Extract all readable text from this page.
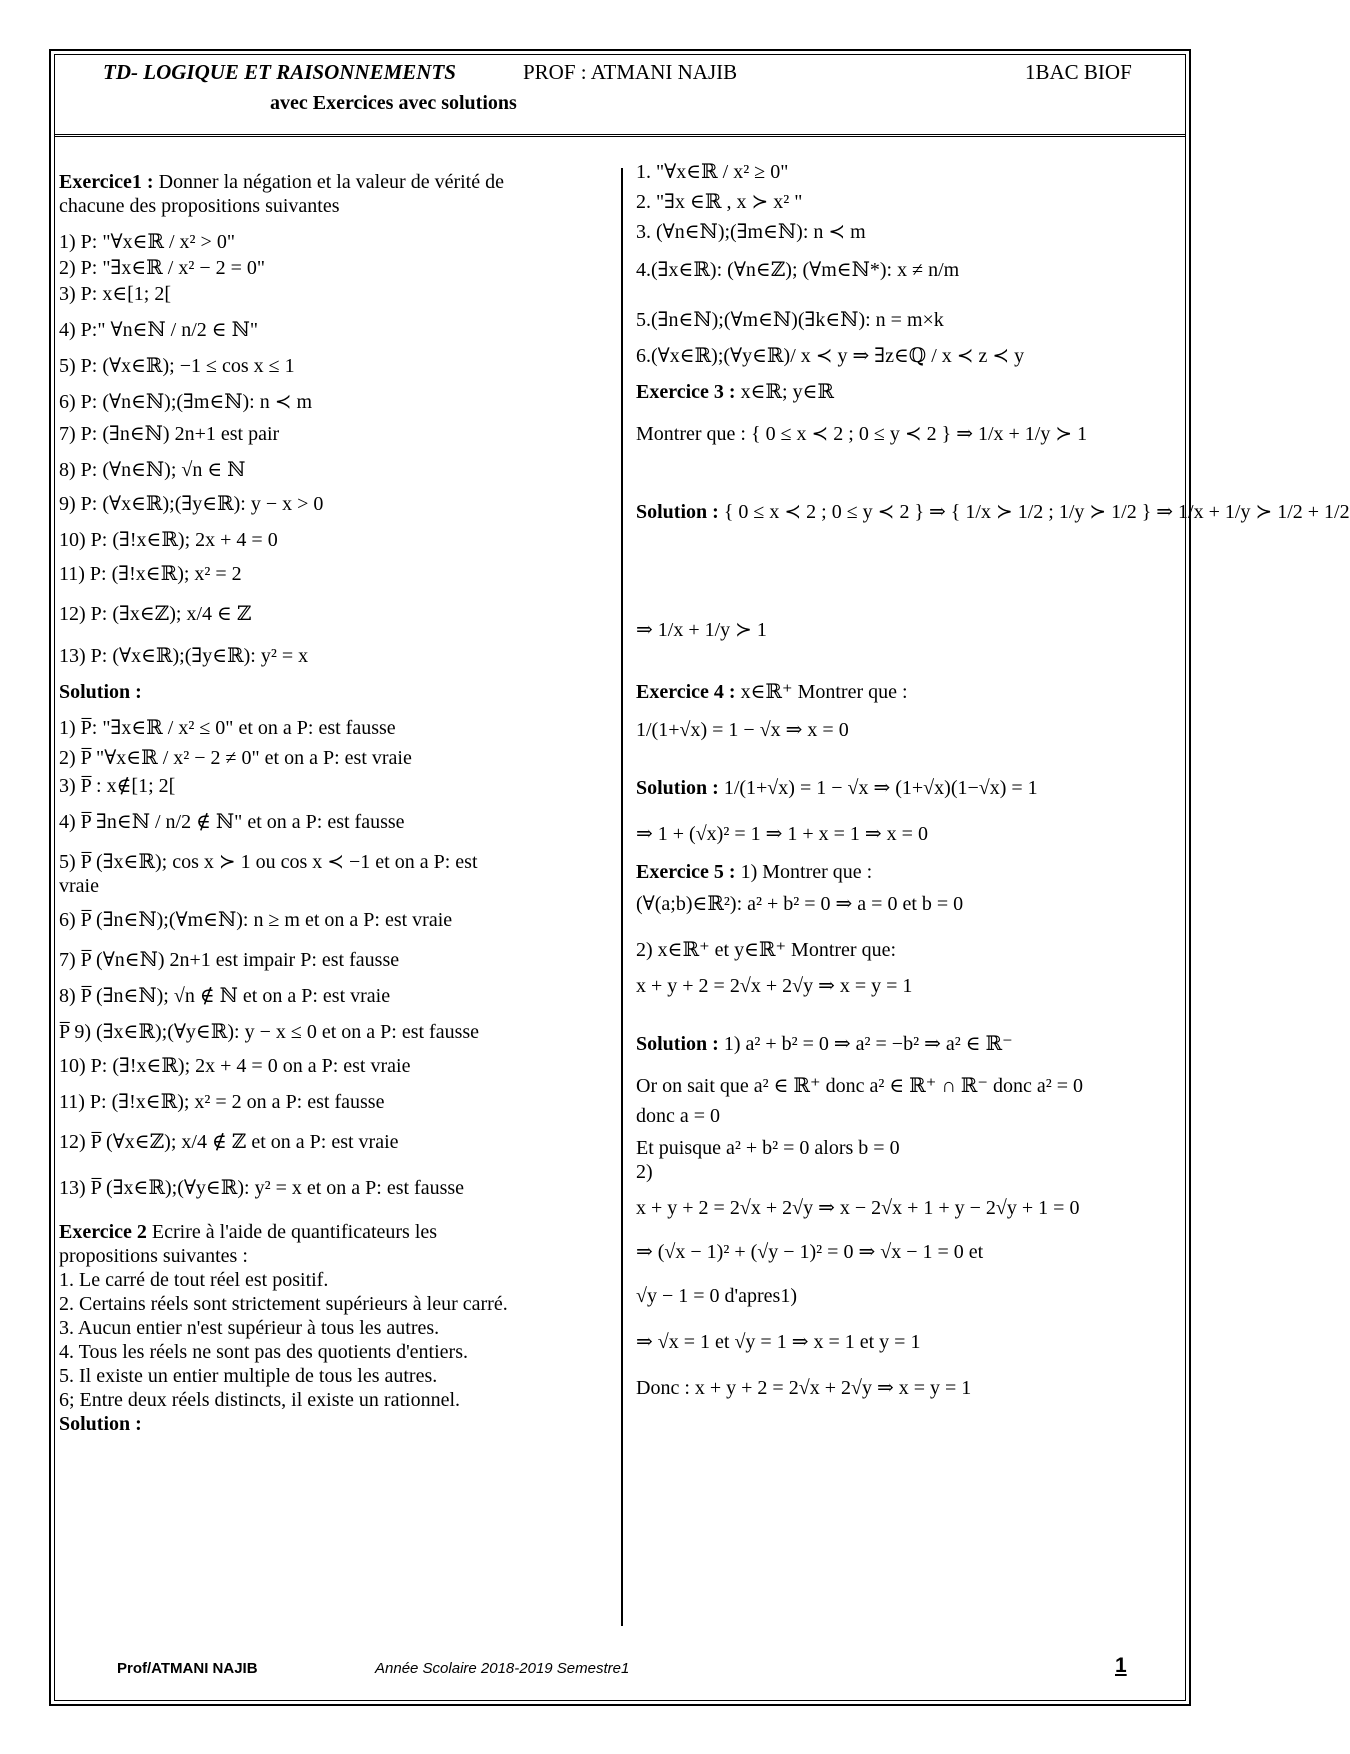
TD- LOGIQUE ET RAISONNEMENTS	PROF : ATMANI NAJIB	1BAC BIOF
avec Exercices avec solutions
Exercice1 : Donner la négation et la valeur de vérité de
chacune des propositions suivantes
1) P: "∀x∈ℝ / x² > 0"
2) P: "∃x∈ℝ / x² − 2 = 0"
3) P: x∈[1; 2[
4) P:" ∀n∈ℕ / n/2 ∈ ℕ"
5) P: (∀x∈ℝ); −1 ≤ cos x ≤ 1
6) P: (∀n∈ℕ);(∃m∈ℕ): n ≺ m
7) P: (∃n∈ℕ) 2n+1 est pair
8) P: (∀n∈ℕ); √n ∈ ℕ
9) P: (∀x∈ℝ);(∃y∈ℝ): y − x > 0
10) P: (∃!x∈ℝ); 2x + 4 = 0
11) P: (∃!x∈ℝ); x² = 2
12) P: (∃x∈ℤ); x/4 ∈ ℤ
13) P: (∀x∈ℝ);(∃y∈ℝ): y² = x
Solution :
1) P̅: "∃x∈ℝ / x² ≤ 0" et on a P: est fausse
2) P̅ "∀x∈ℝ / x² − 2 ≠ 0" et on a P: est vraie
3) P̅ : x∉[1; 2[
4) P̅ ∃n∈ℕ / n/2 ∉ ℕ" et on a P: est fausse
5) P̅ (∃x∈ℝ); cos x ≻ 1 ou cos x ≺ −1 et on a P: est
vraie
6) P̅ (∃n∈ℕ);(∀m∈ℕ): n ≥ m et on a P: est vraie
7) P̅ (∀n∈ℕ) 2n+1 est impair P: est fausse
8) P̅ (∃n∈ℕ); √n ∉ ℕ et on a P: est vraie
P̅ 9) (∃x∈ℝ);(∀y∈ℝ): y − x ≤ 0 et on a P: est fausse
10) P: (∃!x∈ℝ); 2x + 4 = 0 on a P: est vraie
11) P: (∃!x∈ℝ); x² = 2 on a P: est fausse
12) P̅ (∀x∈ℤ); x/4 ∉ ℤ et on a P: est vraie
13) P̅ (∃x∈ℝ);(∀y∈ℝ): y² = x et on a P: est fausse
Exercice 2 Ecrire à l'aide de quantificateurs les
propositions suivantes :
1. Le carré de tout réel est positif.
2. Certains réels sont strictement supérieurs à leur carré.
3. Aucun entier n'est supérieur à tous les autres.
4. Tous les réels ne sont pas des quotients d'entiers.
5. Il existe un entier multiple de tous les autres.
6; Entre deux réels distincts, il existe un rationnel.
Solution :
1. "∀x∈ℝ / x² ≥ 0"
2. "∃x ∈ℝ , x ≻ x² "
3. (∀n∈ℕ);(∃m∈ℕ): n ≺ m
4.(∃x∈ℝ): (∀n∈ℤ); (∀m∈ℕ*): x ≠ n/m
5.(∃n∈ℕ);(∀m∈ℕ)(∃k∈ℕ): n = m×k
6.(∀x∈ℝ);(∀y∈ℝ)/ x ≺ y ⇒ ∃z∈ℚ / x ≺ z ≺ y
Exercice 3 : x∈ℝ; y∈ℝ
Montrer que : { 0 ≤ x ≺ 2 ; 0 ≤ y ≺ 2 } ⇒ 1/x + 1/y ≻ 1
Solution : { 0 ≤ x ≺ 2 ; 0 ≤ y ≺ 2 } ⇒ { 1/x ≻ 1/2 ; 1/y ≻ 1/2 } ⇒ 1/x + 1/y ≻ 1/2 + 1/2
⇒ 1/x + 1/y ≻ 1
Exercice 4 : x∈ℝ⁺ Montrer que :
1/(1+√x) = 1 − √x ⇒ x = 0
Solution : 1/(1+√x) = 1 − √x ⇒ (1+√x)(1−√x) = 1
⇒ 1 + (√x)² = 1 ⇒ 1 + x = 1 ⇒ x = 0
Exercice 5 : 1) Montrer que :
(∀(a;b)∈ℝ²): a² + b² = 0 ⇒ a = 0 et b = 0
2) x∈ℝ⁺ et y∈ℝ⁺ Montrer que:
x + y + 2 = 2√x + 2√y ⇒ x = y = 1
Solution : 1) a² + b² = 0 ⇒ a² = −b² ⇒ a² ∈ ℝ⁻
Or on sait que a² ∈ ℝ⁺ donc a² ∈ ℝ⁺ ∩ ℝ⁻ donc a² = 0
donc a = 0
Et puisque a² + b² = 0 alors b = 0
2)
x + y + 2 = 2√x + 2√y ⇒ x − 2√x + 1 + y − 2√y + 1 = 0
⇒ (√x − 1)² + (√y − 1)² = 0 ⇒ √x − 1 = 0 et
√y − 1 = 0 d'apres1)
⇒ √x = 1 et √y = 1 ⇒ x = 1 et y = 1
Donc : x + y + 2 = 2√x + 2√y ⇒ x = y = 1
Prof/ATMANI NAJIB	Année Scolaire 2018-2019 Semestre1	1
